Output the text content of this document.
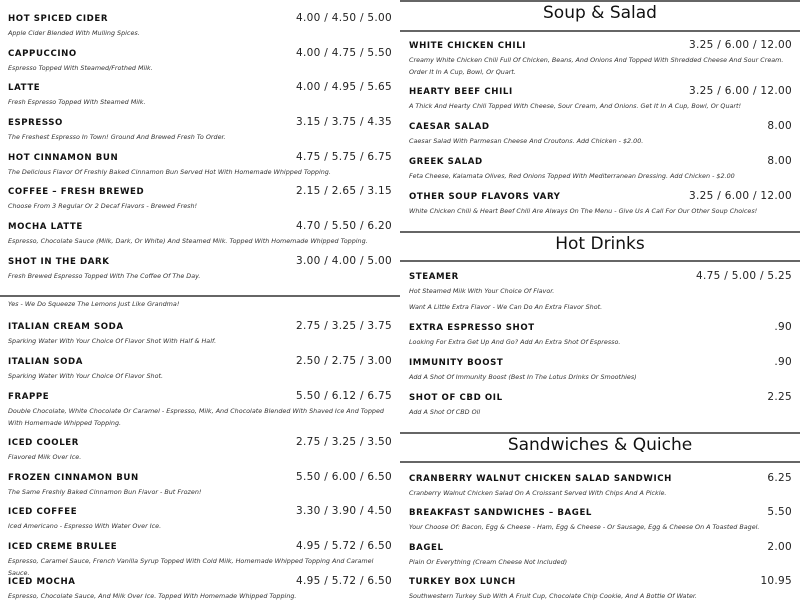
HOT SPICED CIDER	4.00 / 4.50 / 5.00
Apple Cider Blended With Mulling Spices.
CAPPUCCINO	4.00 / 4.75 / 5.50
Espresso Topped With Steamed/Frothed Milk.
LATTE	4.00 / 4.95 / 5.65
Fresh Espresso Topped With Steamed Milk.
ESPRESSO	3.15 / 3.75 / 4.35
The Freshest Espresso In Town! Ground And Brewed Fresh To Order.
HOT CINNAMON BUN	4.75 / 5.75 / 6.75
The Delicious Flavor Of Freshly Baked Cinnamon Bun Served Hot With Homemade Whipped Topping.
COFFEE – FRESH BREWED	2.15 / 2.65 / 3.15
Choose From 3 Regular Or 2 Decaf Flavors - Brewed Fresh!
MOCHA LATTE	4.70 / 5.50 / 6.20
Espresso, Chocolate Sauce (Milk, Dark, Or White) And Steamed Milk. Topped With Homemade Whipped Topping.
SHOT IN THE DARK	3.00 / 4.00 / 5.00
Fresh Brewed Espresso Topped With The Coffee Of The Day.
ITALIAN CREAM SODA	2.75 / 3.25 / 3.75
Sparking Water With Your Choice Of Flavor Shot With Half & Half.
ITALIAN SODA	2.50 / 2.75 / 3.00
Sparking Water With Your Choice Of Flavor Shot.
FRAPPE	5.50 / 6.12 / 6.75
Double Chocolate, White Chocolate Or Caramel - Espresso, Milk, And Chocolate Blended With Shaved Ice And Topped With Homemade Whipped Topping.
ICED COOLER	2.75 / 3.25 / 3.50
Flavored Milk Over Ice.
FROZEN CINNAMON BUN	5.50 / 6.00 / 6.50
The Same Freshly Baked Cinnamon Bun Flavor - But Frozen!
ICED COFFEE	3.30 / 3.90 / 4.50
Iced Americano - Espresso With Water Over Ice.
ICED CREME BRULEE	4.95 / 5.72 / 6.50
Espresso, Caramel Sauce, French Vanilla Syrup Topped With Cold Milk, Homemade Whipped Topping And Caramel Sauce.
ICED MOCHA	4.95 / 5.72 / 6.50
Espresso, Chocolate Sauce, And Milk Over Ice. Topped With Homemade Whipped Topping.
WHITE CHICKEN CHILI	3.25 / 6.00 / 12.00
Creamy White Chicken Chili Full Of Chicken, Beans, And Onions And Topped With Shredded Cheese And Sour Cream. Order It In A Cup, Bowl, Or Quart.
HEARTY BEEF CHILI	3.25 / 6.00 / 12.00
A Thick And Hearty Chili Topped With Cheese, Sour Cream, And Onions. Get It In A Cup, Bowl, Or Quart!
CAESAR SALAD	8.00
Caesar Salad With Parmesan Cheese And Croutons. Add Chicken - $2.00.
GREEK SALAD	8.00
Feta Cheese, Kalamata Olives, Red Onions Topped With Mediterranean Dressing. Add Chicken - $2.00
OTHER SOUP FLAVORS VARY	3.25 / 6.00 / 12.00
White Chicken Chili & Heart Beef Chili Are Always On The Menu - Give Us A Call For Our Other Soup Choices!
STEAMER	4.75 / 5.00 / 5.25
Hot Steamed Milk With Your Choice Of Flavor.
EXTRA ESPRESSO SHOT	.90
Looking For Extra Get Up And Go? Add An Extra Shot Of Espresso.
IMMUNITY BOOST	.90
Add A Shot Of Immunity Boost (Best In The Lotus Drinks Or Smoothies)
SHOT OF CBD OIL	2.25
Add A Shot Of CBD Oil
CRANBERRY WALNUT CHICKEN SALAD SANDWICH	6.25
Cranberry Walnut Chicken Salad On A Croissant Served With Chips And A Pickle.
BREAKFAST SANDWICHES – BAGEL	5.50
Your Choose Of: Bacon, Egg & Cheese - Ham, Egg & Cheese - Or Sausage, Egg & Cheese On A Toasted Bagel.
BAGEL	2.00
Plain Or Everything (Cream Cheese Not Included)
TURKEY BOX LUNCH	10.95
Southwestern Turkey Sub With A Fruit Cup, Chocolate Chip Cookie, And A Bottle Of Water.
Yes - We Do Squeeze The Lemons Just Like Grandma!
Soup & Salad
Hot Drinks
Want A Little Extra Flavor - We Can Do An Extra Flavor Shot.
Sandwiches & Quiche
